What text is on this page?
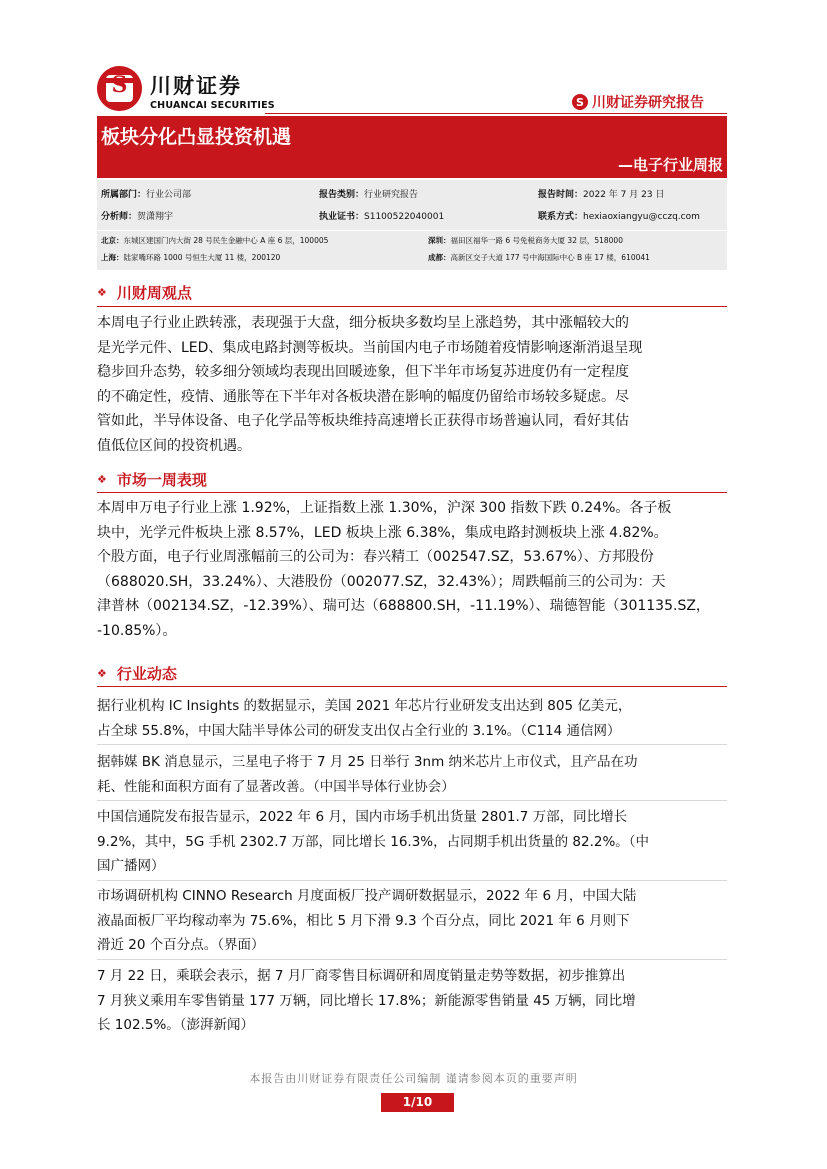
S	川财证券
CHUANCAI SECURITIES	S 川财证券研究报告
板块分化凸显投资机遇
—电子行业周报
所属部门：行业公司部	报告类别：行业研究报告	报告时间：2022 年 7 月 23 日
分析师：贺潇翔宇	执业证书：S1100522040001	联系方式：hexiaoxiangyu@cczq.com
北京：东城区建国门内大街 28 号民生金融中心 A 座 6 层，100005	深圳：福田区福华一路 6 号免税商务大厦 32 层，518000
上海：陆家嘴环路 1000 号恒生大厦 11 楼，200120	成都：高新区交子大道 177 号中海国际中心 B 座 17 楼，610041
❖ 川财周观点
本周电子行业止跌转涨，表现强于大盘，细分板块多数均呈上涨趋势，其中涨幅较大的
是光学元件、LED、集成电路封测等板块。当前国内电子市场随着疫情影响逐渐消退呈现
稳步回升态势，较多细分领域均表现出回暖迹象，但下半年市场复苏进度仍有一定程度
的不确定性，疫情、通胀等在下半年对各板块潜在影响的幅度仍留给市场较多疑虑。尽
管如此，半导体设备、电子化学品等板块维持高速增长正获得市场普遍认同，看好其估
值低位区间的投资机遇。
❖ 市场一周表现
本周申万电子行业上涨 1.92%，上证指数上涨 1.30%，沪深 300 指数下跌 0.24%。各子板
块中，光学元件板块上涨 8.57%，LED 板块上涨 6.38%，集成电路封测板块上涨 4.82%。
个股方面，电子行业周涨幅前三的公司为：春兴精工（002547.SZ，53.67%）、方邦股份
（688020.SH，33.24%）、大港股份（002077.SZ，32.43%）；周跌幅前三的公司为：天
津普林（002134.SZ，-12.39%）、瑞可达（688800.SH，-11.19%）、瑞德智能（301135.SZ，
-10.85%）。
❖ 行业动态
据行业机构 IC Insights 的数据显示，美国 2021 年芯片行业研发支出达到 805 亿美元，
占全球 55.8%，中国大陆半导体公司的研发支出仅占全行业的 3.1%。（C114 通信网）
据韩媒 BK 消息显示，三星电子将于 7 月 25 日举行 3nm 纳米芯片上市仪式，且产品在功
耗、性能和面积方面有了显著改善。（中国半导体行业协会）
中国信通院发布报告显示，2022 年 6 月，国内市场手机出货量 2801.7 万部，同比增长
9.2%，其中，5G 手机 2302.7 万部，同比增长 16.3%，占同期手机出货量的 82.2%。（中
国广播网）
市场调研机构 CINNO Research 月度面板厂投产调研数据显示，2022 年 6 月，中国大陆
液晶面板厂平均稼动率为 75.6%，相比 5 月下滑 9.3 个百分点，同比 2021 年 6 月则下
滑近 20 个百分点。（界面）
7 月 22 日，乘联会表示，据 7 月厂商零售目标调研和周度销量走势等数据，初步推算出
7 月狭义乘用车零售销量 177 万辆，同比增长 17.8%；新能源零售销量 45 万辆，同比增
长 102.5%。（澎湃新闻）
本报告由川财证券有限责任公司编制 谨请参阅本页的重要声明
1/10
